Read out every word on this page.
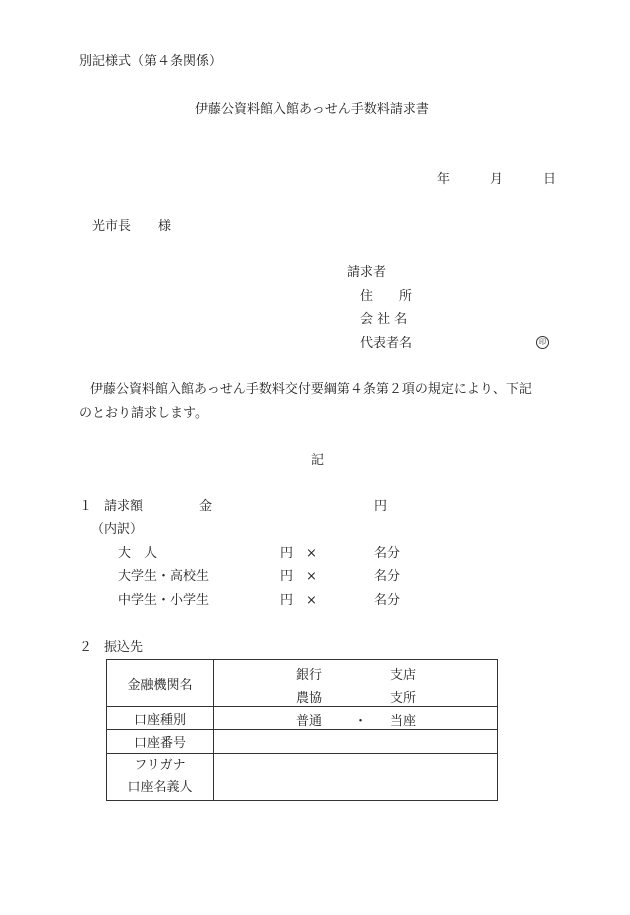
別記様式（第４条関係）
伊藤公資料館入館あっせん手数料請求書
年	月	日
光市長 様
請求者
住　　所
会 社 名
代表者名	印
伊藤公資料館入館あっせん手数料交付要綱第４条第２項の規定により、下記
のとおり請求します。
記
１ 請求額	金	円
（内訳）
大　人	円 ×	名分
大学生・高校生	円 ×	名分
中学生・小学生	円 ×	名分
２ 振込先
金融機関名	銀行 支店
農協 支所

口座種別	普通 ・ 当座

口座番号	

フリガナ
口座名義人	
